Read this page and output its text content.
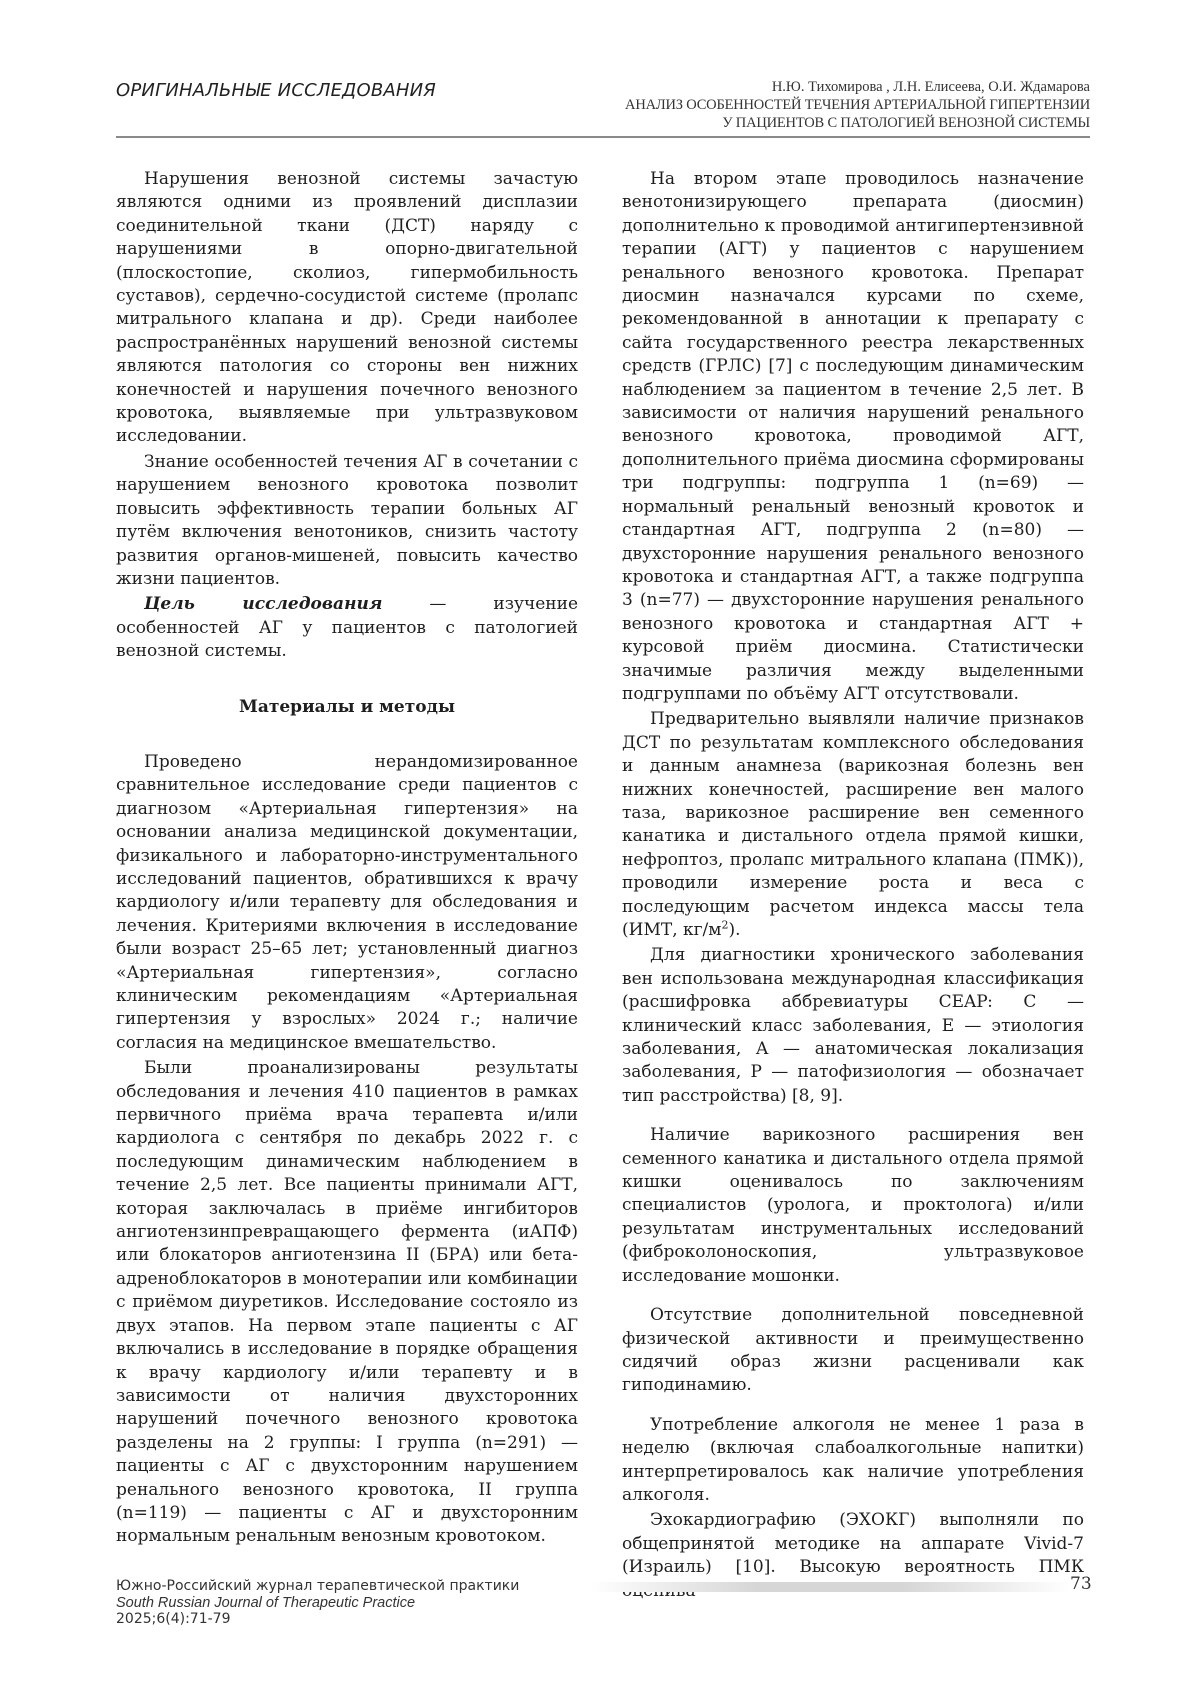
ОРИГИНАЛЬНЫЕ ИССЛЕДОВАНИЯ	Н.Ю. Тихомирова , Л.Н. Елисеева, О.И. Ждамарова
АНАЛИЗ ОСОБЕННОСТЕЙ ТЕЧЕНИЯ АРТЕРИАЛЬНОЙ ГИПЕРТЕНЗИИ
У ПАЦИЕНТОВ С ПАТОЛОГИЕЙ ВЕНОЗНОЙ СИСТЕМЫ

Нарушения венозной системы зачастую являются одними из проявлений дисплазии соединительной ткани (ДСТ) наряду с нарушениями в опорно-двигательной (плоскостопие, сколиоз, гипермобильность суставов), сердечно-сосудистой системе (пролапс митрального клапана и др). Среди наиболее распространённых нарушений венозной системы являются патология со стороны вен нижних конечностей и нарушения почечного венозного кровотока, выявляемые при ультразвуковом исследовании.

Знание особенностей течения АГ в сочетании с нарушением венозного кровотока позволит повысить эффективность терапии больных АГ путём включения венотоников, снизить частоту развития органов-мишеней, повысить качество жизни пациентов.

Цель исследования — изучение особенностей АГ у пациентов с патологией венозной системы.

Материалы и методы

Проведено нерандомизированное сравнительное исследование среди пациентов с диагнозом «Артериальная гипертензия» на основании анализа медицинской документации, физикального и лабораторно-инструментального исследований пациентов, обратившихся к врачу кардиологу и/или терапевту для обследования и лечения. Критериями включения в исследование были возраст 25–65 лет; установленный диагноз «Артериальная гипертензия», согласно клиническим рекомендациям «Артериальная гипертензия у взрослых» 2024 г.; наличие согласия на медицинское вмешательство.

Были проанализированы результаты обследования и лечения 410 пациентов в рамках первичного приёма врача терапевта и/или кардиолога с сентября по декабрь 2022 г. с последующим динамическим наблюдением в течение 2,5 лет. Все пациенты принимали АГТ, которая заключалась в приёме ингибиторов ангиотензинпревращающего фермента (иАПФ) или блокаторов ангиотензина II (БРА) или бета-адреноблокаторов в монотерапии или комбинации с приёмом диуретиков. Исследование состояло из двух этапов. На первом этапе пациенты с АГ включались в исследование в порядке обращения к врачу кардиологу и/или терапевту и в зависимости от наличия двухсторонних нарушений почечного венозного кровотока разделены на 2 группы: I группа (n=291) — пациенты с АГ с двухсторонним нарушением ренального венозного кровотока, II группа (n=119) — пациенты с АГ и двухсторонним нормальным ренальным венозным кровотоком.

На втором этапе проводилось назначение венотонизирующего препарата (диосмин) дополнительно к проводимой антигипертензивной терапии (АГТ) у пациентов с нарушением ренального венозного кровотока. Препарат диосмин назначался курсами по схеме, рекомендованной в аннотации к препарату с сайта государственного реестра лекарственных средств (ГРЛС) [7] с последующим динамическим наблюдением за пациентом в течение 2,5 лет. В зависимости от наличия нарушений ренального венозного кровотока, проводимой АГТ, дополнительного приёма диосмина сформированы три подгруппы: подгруппа 1 (n=69) — нормальный ренальный венозный кровоток и стандартная АГТ, подгруппа 2 (n=80) — двухсторонние нарушения ренального венозного кровотока и стандартная АГТ, а также подгруппа 3 (n=77) — двухсторонние нарушения ренального венозного кровотока и стандартная АГТ + курсовой приём диосмина. Статистически значимые различия между выделенными подгруппами по объёму АГТ отсутствовали.

Предварительно выявляли наличие признаков ДСТ по результатам комплексного обследования и данным анамнеза (варикозная болезнь вен нижних конечностей, расширение вен малого таза, варикозное расширение вен семенного канатика и дистального отдела прямой кишки, нефроптоз, пролапс митрального клапана (ПМК)), проводили измерение роста и веса с последующим расчетом индекса массы тела (ИМТ, $кг/м^2$).

Для диагностики хронического заболевания вен использована международная классификация (расшифровка аббревиатуры CEAP: C — клинический класс заболевания, E — этиология заболевания, A — анатомическая локализация заболевания, P — патофизиология — обозначает тип расстройства) [8, 9].

Наличие варикозного расширения вен семенного канатика и дистального отдела прямой кишки оценивалось по заключениям специалистов (уролога, и проктолога) и/или результатам инструментальных исследований (фиброколоноскопия, ультразвуковое исследование мошонки.

Отсутствие дополнительной повседневной физической активности и преимущественно сидячий образ жизни расценивали как гиподинамию.

Употребление алкоголя не менее 1 раза в неделю (включая слабоалкогольные напитки) интерпретировалось как наличие употребления алкоголя.

Эхокардиографию (ЭХОКГ) выполняли по общепринятой методике на аппарате Vivid-7 (Израиль) [10]. Высокую вероятность ПМК

Южно-Российский журнал терапевтической практики
South Russian Journal of Therapeutic Practice
2025;6(4):71-79
73
